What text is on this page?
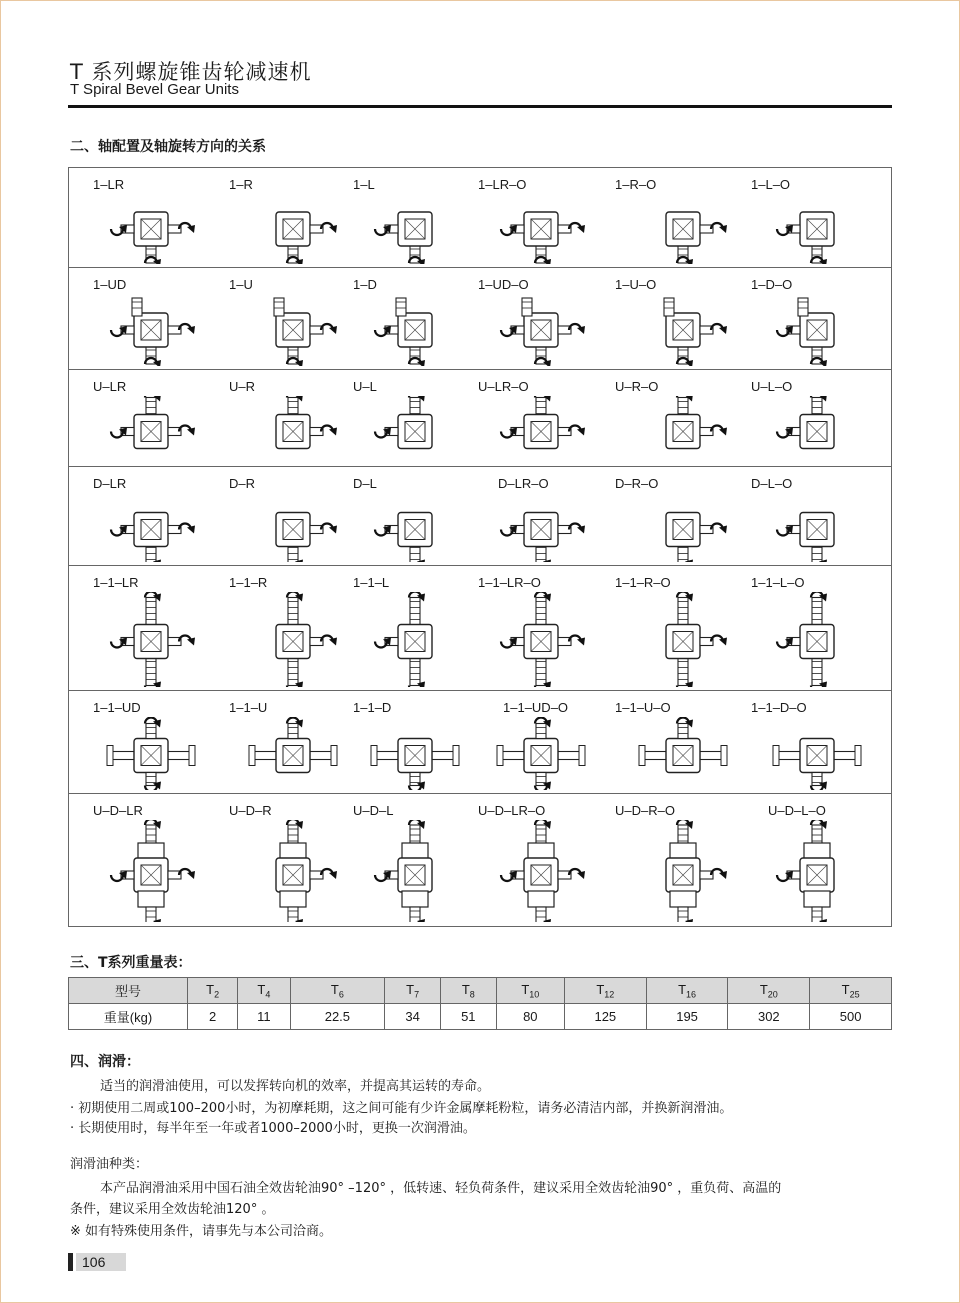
T 系列螺旋锥齿轮减速机
T Spiral Bevel Gear Units
二、轴配置及轴旋转方向的关系
1–LR	1–R	1–L	1–LR–O	1–R–O	1–L–O
1–UD	1–U	1–D	1–UD–O	1–U–O	1–D–O
U–LR	U–R	U–L	U–LR–O	U–R–O	U–L–O
D–LR	D–R	D–L	D–LR–O	D–R–O	D–L–O
1–1–LR	1–1–R	1–1–L	1–1–LR–O	1–1–R–O	1–1–L–O
1–1–UD	1–1–U	1–1–D	1–1–UD–O	1–1–U–O	1–1–D–O
U–D–LR	U–D–R	U–D–L	U–D–LR–O	U–D–R–O	U–D–L–O
三、T系列重量表：
型号	$T_2$	$T_4$	$T_6$	$T_7$	$T_8$	$T_{10}$	$T_{12}$	$T_{16}$	$T_{20}$	$T_{25}$
重量(kg)	2	11	22.5	34	51	80	125	195	302	500
四、润滑：
适当的润滑油使用，可以发挥转向机的效率，并提高其运转的寿命。
· 初期使用二周或100–200小时，为初摩耗期，这之间可能有少许金属摩耗粉粒，请务必清洁内部，并换新润滑油。
· 长期使用时，每半年至一年或者1000–2000小时，更换一次润滑油。
润滑油种类：
本产品润滑油采用中国石油全效齿轮油90° –120° ，低转速、轻负荷条件，建议采用全效齿轮油90° ，重负荷、高温的
条件，建议采用全效齿轮油120° 。
※ 如有特殊使用条件，请事先与本公司洽商。
106
